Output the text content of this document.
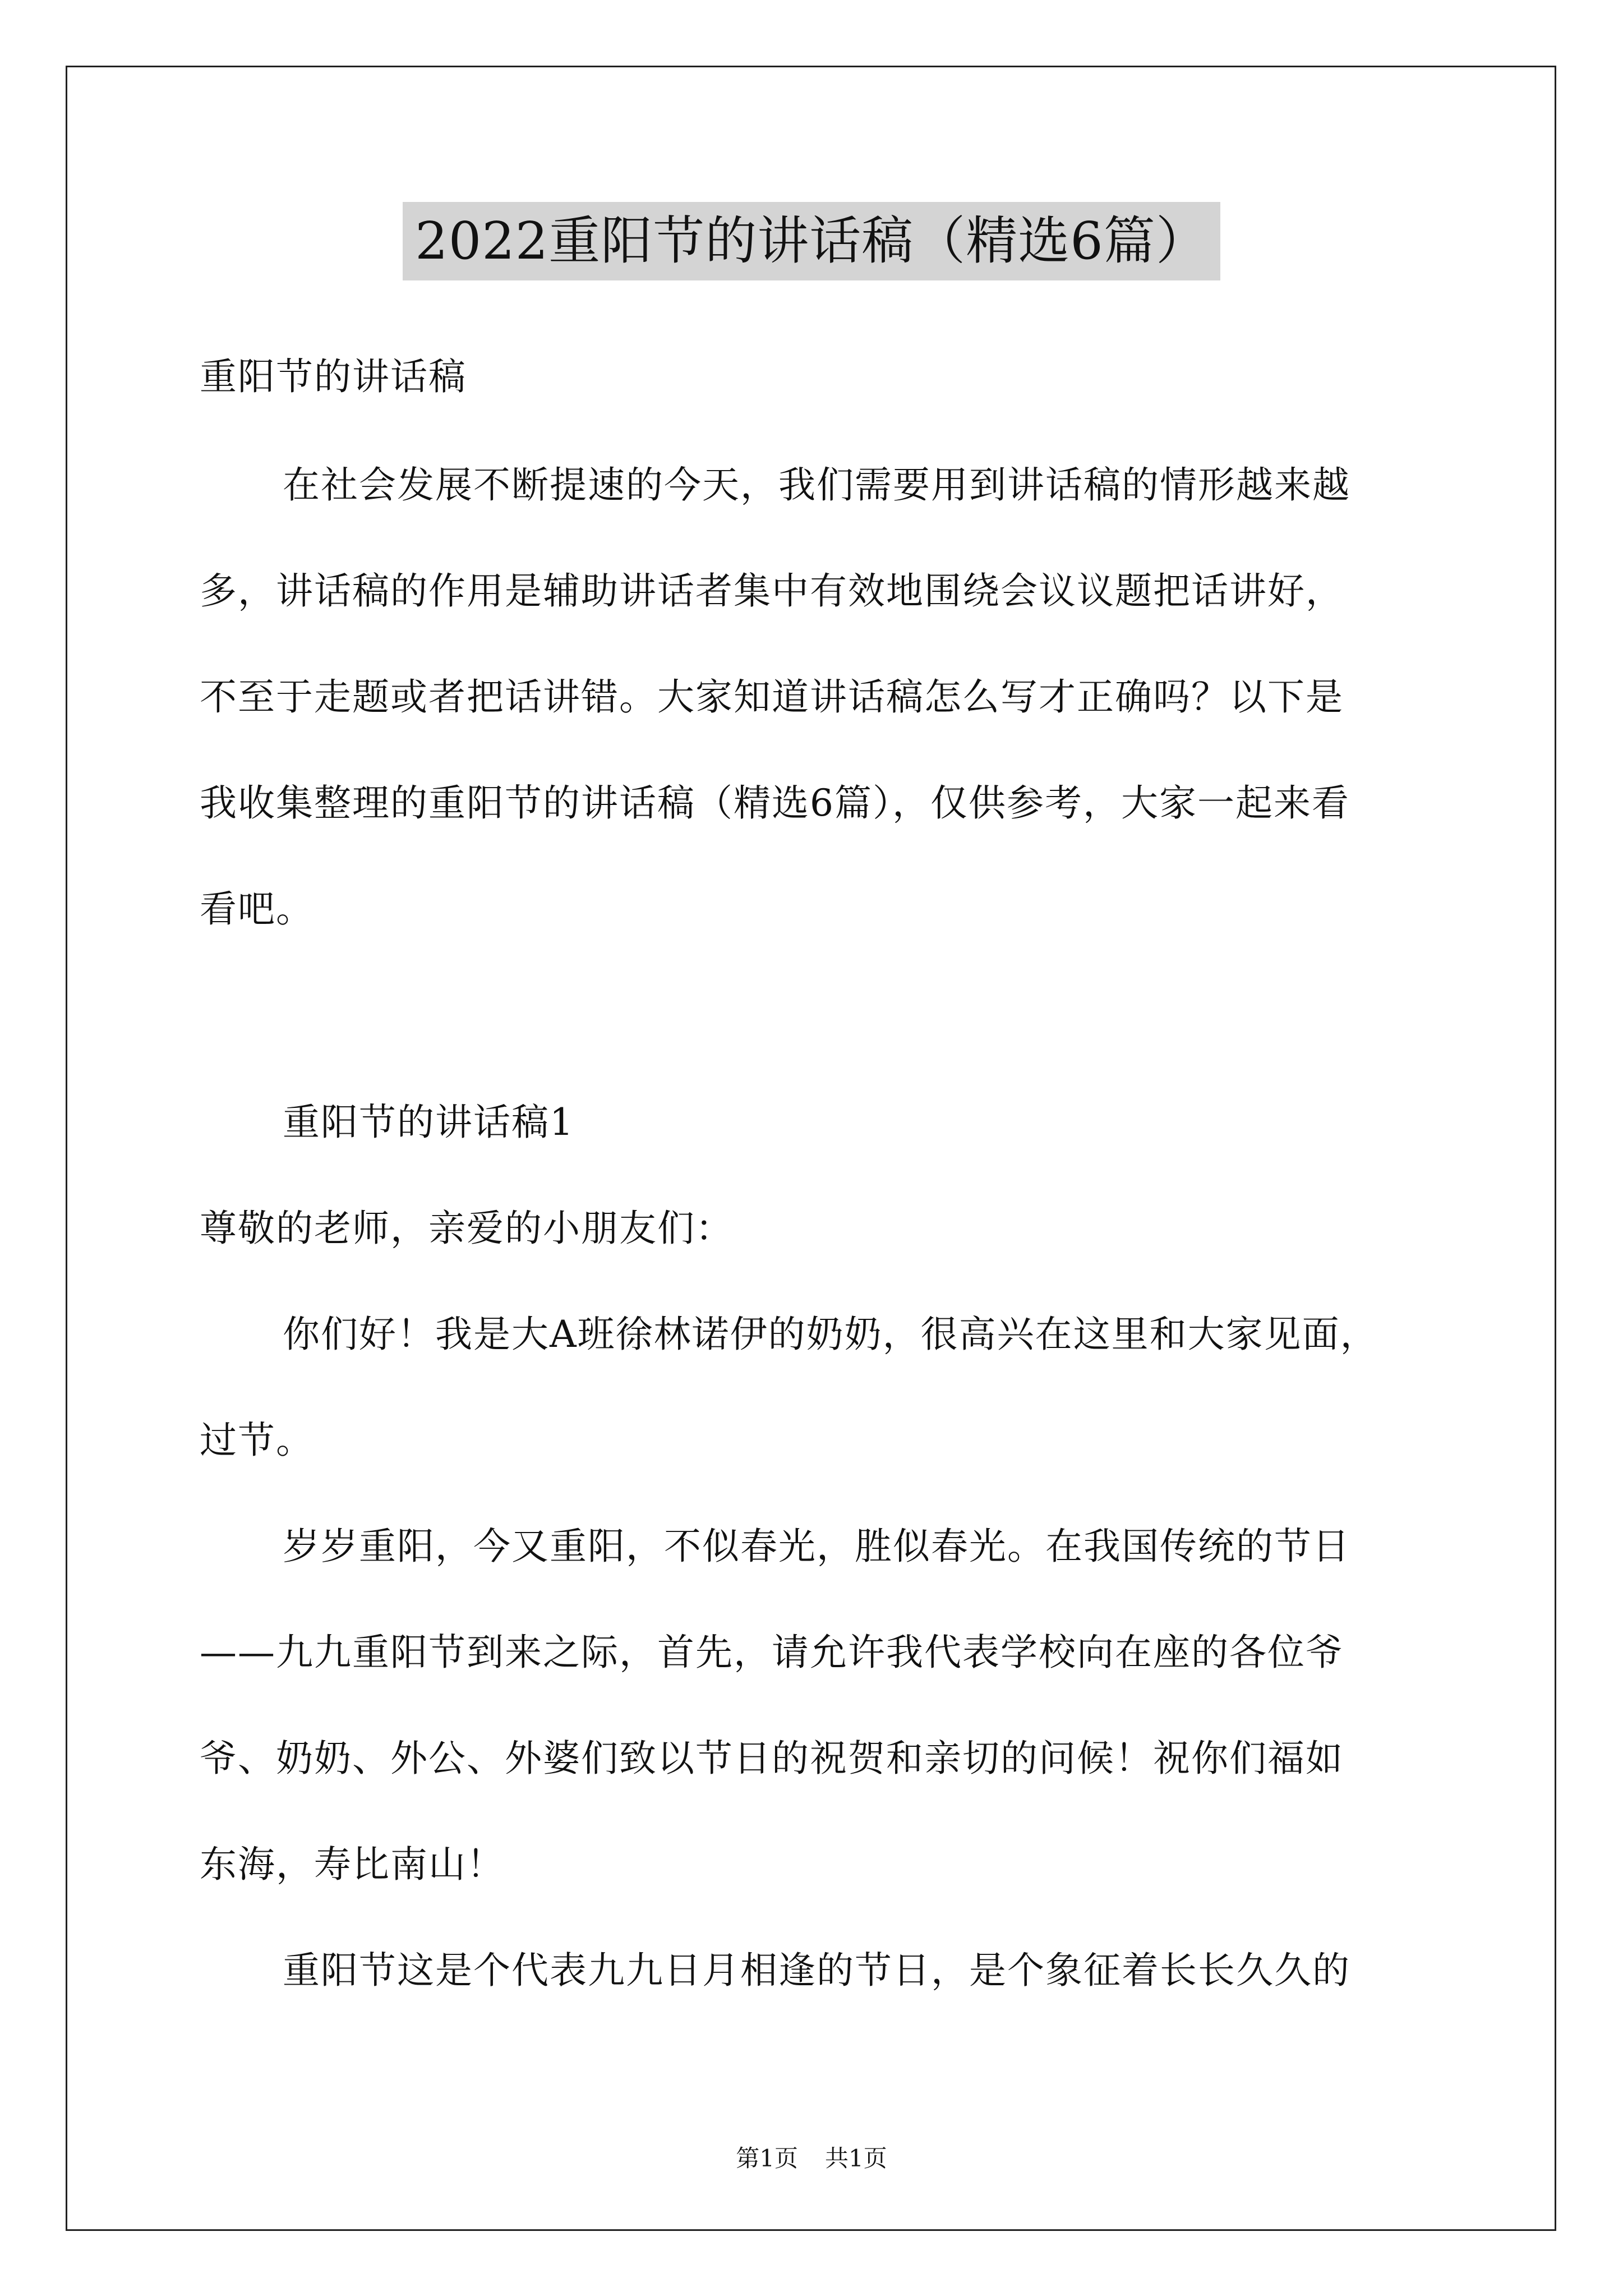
2022重阳节的讲话稿（精选6篇）
重阳节的讲话稿
在社会发展不断提速的今天，我们需要用到讲话稿的情形越来越
多，讲话稿的作用是辅助讲话者集中有效地围绕会议议题把话讲好，
不至于走题或者把话讲错。大家知道讲话稿怎么写才正确吗？以下是
我收集整理的重阳节的讲话稿（精选6篇），仅供参考，大家一起来看
看吧。
重阳节的讲话稿1
尊敬的老师，亲爱的小朋友们：
你们好！我是大A班徐林诺伊的奶奶，很高兴在这里和大家见面，
过节。
岁岁重阳，今又重阳，不似春光，胜似春光。在我国传统的节日
——九九重阳节到来之际，首先，请允许我代表学校向在座的各位爷
爷、奶奶、外公、外婆们致以节日的祝贺和亲切的问候！祝你们福如
东海，寿比南山！
重阳节这是个代表九九日月相逢的节日，是个象征着长长久久的
第1页 共1页
